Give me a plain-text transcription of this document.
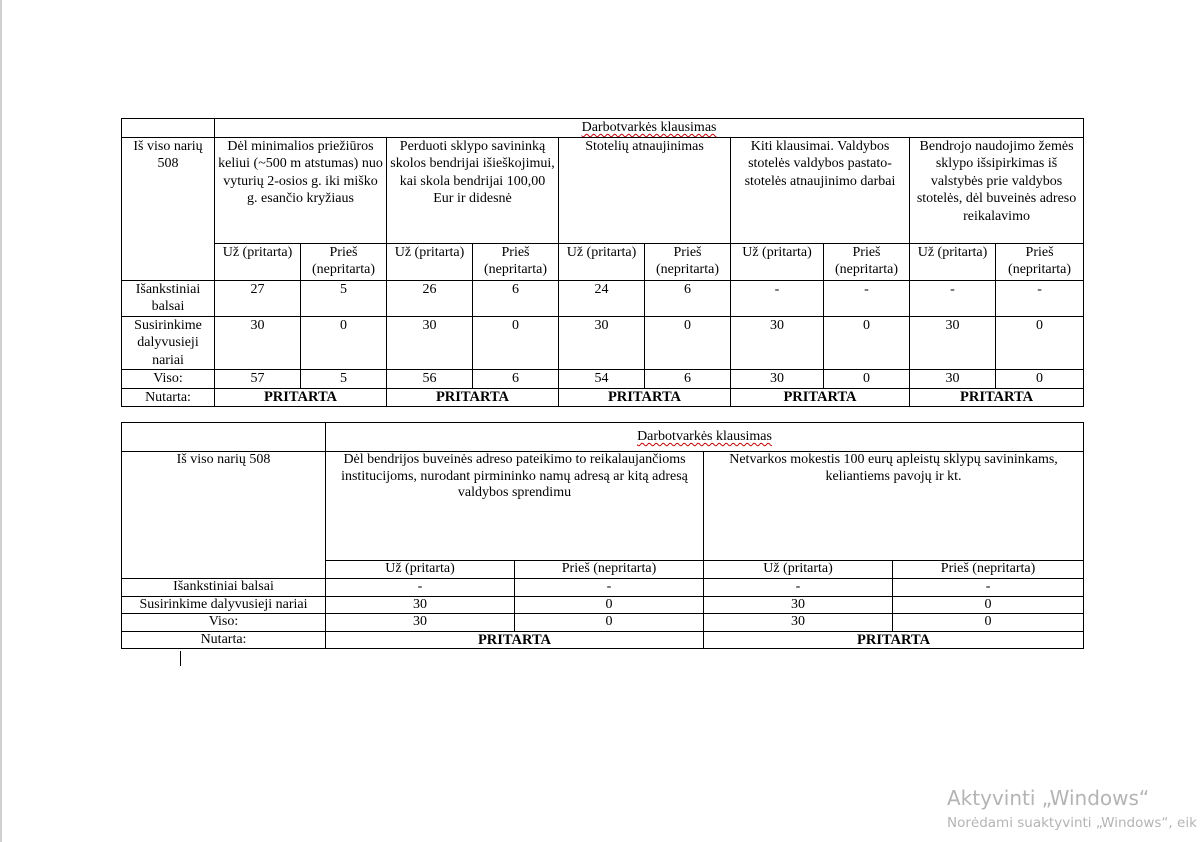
	Darbotvarkės klausimas									
Iš viso narių 508	Dėl minimalios priežiūros keliui (~500 m atstumas) nuo vyturių 2-osios g. iki miško g. esančio kryžiaus		Perduoti sklypo savininką skolos bendrijai išieškojimui, kai skola bendrijai 100,00 Eur ir didesnė		Stotelių atnaujinimas		Kiti klausimai. Valdybos stotelės valdybos pastato-stotelės atnaujinimo darbai		Bendrojo naudojimo žemės sklypo išsipirkimas iš valstybės prie valdybos stotelės, dėl buveinės adreso reikalavimo	
	Už (pritarta)	Prieš (nepritarta)	Už (pritarta)	Prieš (nepritarta)	Už (pritarta)	Prieš (nepritarta)	Už (pritarta)	Prieš (nepritarta)	Už (pritarta)	Prieš (nepritarta)
Išankstiniai balsai	27	5	26	6	24	6	-	-	-	-
Susirinkime dalyvusieji nariai	30	0	30	0	30	0	30	0	30	0
Viso:	57	5	56	6	54	6	30	0	30	0
Nutarta:	PRITARTA		PRITARTA		PRITARTA		PRITARTA		PRITARTA	
	Darbotvarkės klausimas			
Iš viso narių 508	Dėl bendrijos buveinės adreso pateikimo to reikalaujančioms institucijoms, nurodant pirmininko namų adresą ar kitą adresą valdybos sprendimu		Netvarkos mokestis 100 eurų apleistų sklypų savininkams, keliantiems pavojų ir kt.	
	Už (pritarta)	Prieš (nepritarta)	Už (pritarta)	Prieš (nepritarta)
Išankstiniai balsai	-	-	-	-
Susirinkime dalyvusieji nariai	30	0	30	0
Viso:	30	0	30	0
Nutarta:	PRITARTA		PRITARTA	
Aktyvinti „Windows“
Norėdami suaktyvinti „Windows“, eik
